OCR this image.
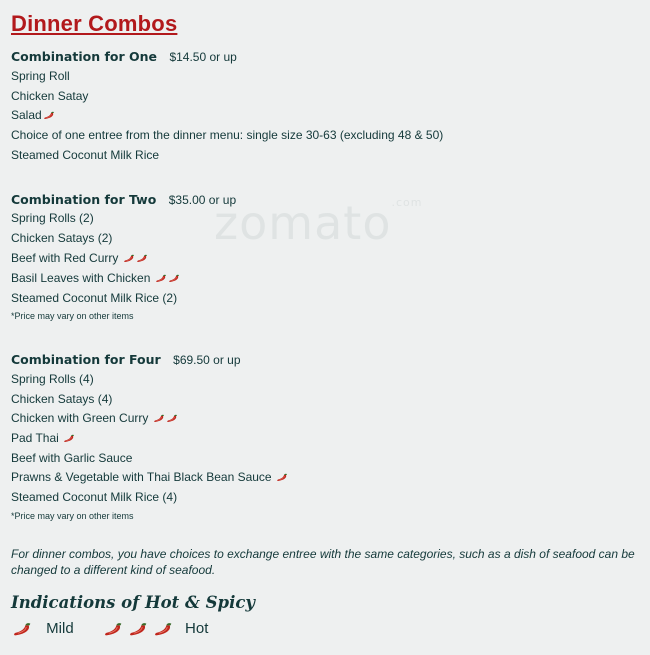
zomato$^{.com}$
Dinner Combos
Combination for One $14.50 or up
Spring Roll
Chicken Satay
Salad
Choice of one entree from the dinner menu: single size 30-63 (excluding 48 & 50)
Steamed Coconut Milk Rice
Combination for Two $35.00 or up
Spring Rolls (2)
Chicken Satays (2)
Beef with Red Curry
Basil Leaves with Chicken
Steamed Coconut Milk Rice (2)
*Price may vary on other items
Combination for Four $69.50 or up
Spring Rolls (4)
Chicken Satays (4)
Chicken with Green Curry
Pad Thai
Beef with Garlic Sauce
Prawns & Vegetable with Thai Black Bean Sauce
Steamed Coconut Milk Rice (4)
*Price may vary on other items
For dinner combos, you have choices to exchange entree with the same categories, such as a dish of seafood can be changed to a different kind of seafood.
Indications of Hot & Spicy
Mild	Hot
